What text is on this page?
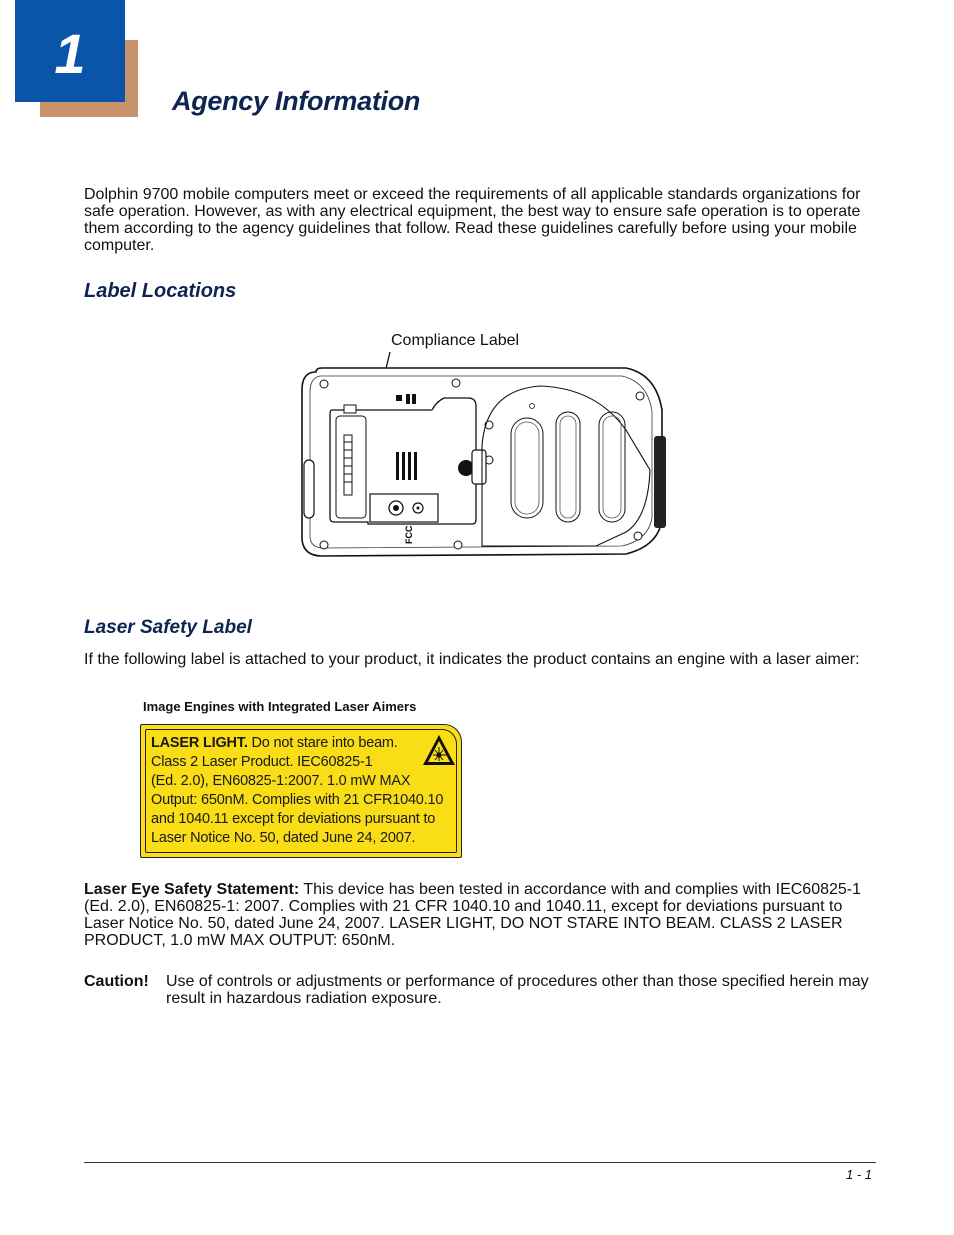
1
Agency Information
Dolphin 9700 mobile computers meet or exceed the requirements of all applicable standards organizations for safe operation. However, as with any electrical equipment, the best way to ensure safe operation is to operate them according to the agency guidelines that follow. Read these guidelines carefully before using your mobile computer.
Label Locations
Compliance Label
FCC
Laser Safety Label
If the following label is attached to your product, it indicates the product contains an engine with a laser aimer:
Image Engines with Integrated Laser Aimers
LASER LIGHT. Do not stare into beam.
Class 2 Laser Product. IEC60825-1
(Ed. 2.0), EN60825-1:2007. 1.0 mW MAX
Output: 650nM. Complies with 21 CFR1040.10
and 1040.11 except for deviations pursuant to
Laser Notice No. 50, dated June 24, 2007.
Laser Eye Safety Statement: This device has been tested in accordance with and complies with IEC60825-1 (Ed. 2.0), EN60825-1: 2007. Complies with 21 CFR 1040.10 and 1040.11, except for deviations pursuant to Laser Notice No. 50, dated June 24, 2007. LASER LIGHT, DO NOT STARE INTO BEAM. CLASS 2 LASER PRODUCT, 1.0 mW MAX OUTPUT: 650nM.
Caution! Use of controls or adjustments or performance of procedures other than those specified herein may result in hazardous radiation exposure.
1 - 1
